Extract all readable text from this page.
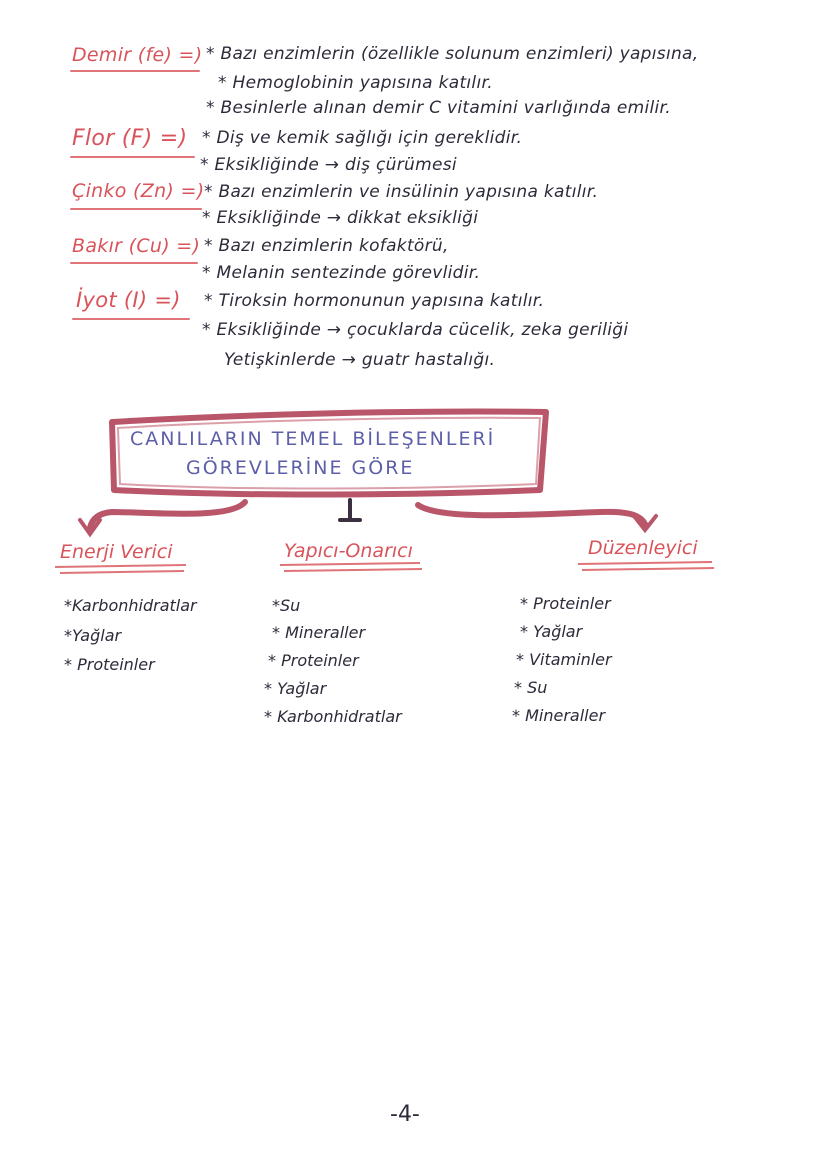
Demir (fe) =) * Bazı enzimlerin (özellikle solunum enzimleri) yapısına,
* Hemoglobinin yapısına katılır.
* Besinlerle alınan demir C vitamini varlığında emilir.
Flor (F) =) * Diş ve kemik sağlığı için gereklidir.
* Eksikliğinde → diş çürümesi
Çinko (Zn) =) * Bazı enzimlerin ve insülinin yapısına katılır.
* Eksikliğinde → dikkat eksikliği
Bakır (Cu) =) * Bazı enzimlerin kofaktörü,
* Melanin sentezinde görevlidir.
İyot (I) =) * Tiroksin hormonunun yapısına katılır.
* Eksikliğinde → çocuklarda cücelik, zeka geriliği
Yetişkinlerde → guatr hastalığı.
CANLILARIN TEMEL BİLEŞENLERİ
GÖREVLERİNE GÖRE
Enerji Verici
*Karbonhidratlar
*Yağlar
* Proteinler
Yapıcı-Onarıcı
*Su
* Mineraller
* Proteinler
* Yağlar
* Karbonhidratlar
Düzenleyici
* Proteinler
* Yağlar
* Vitaminler
* Su
* Mineraller
-4-
